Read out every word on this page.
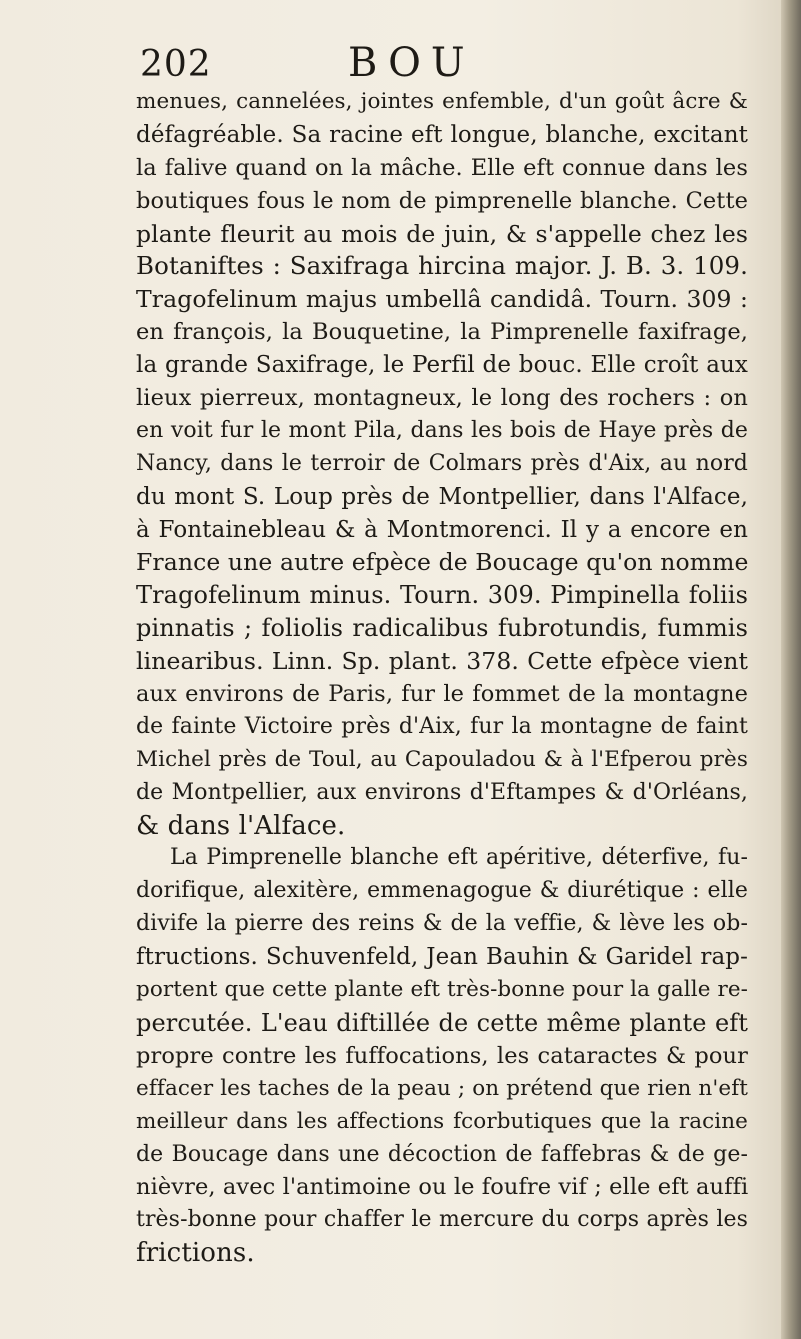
202	BOU
menues, cannelées, jointes enfemble, d'un goût âcre &
défagréable. Sa racine eft longue, blanche, excitant
la falive quand on la mâche. Elle eft connue dans les
boutiques fous le nom de pimprenelle blanche. Cette
plante fleurit au mois de juin, & s'appelle chez les
Botaniftes : Saxifraga hircina major. J. B. 3. 109.
Tragofelinum majus umbellâ candidâ. Tourn. 309 :
en françois, la Bouquetine, la Pimprenelle faxifrage,
la grande Saxifrage, le Perfil de bouc. Elle croît aux
lieux pierreux, montagneux, le long des rochers : on
en voit fur le mont Pila, dans les bois de Haye près de
Nancy, dans le terroir de Colmars près d'Aix, au nord
du mont S. Loup près de Montpellier, dans l'Alface,
à Fontainebleau & à Montmorenci. Il y a encore en
France une autre efpèce de Boucage qu'on nomme
Tragofelinum minus. Tourn. 309. Pimpinella foliis
pinnatis ; foliolis radicalibus fubrotundis, fummis
linearibus. Linn. Sp. plant. 378. Cette efpèce vient
aux environs de Paris, fur le fommet de la montagne
de fainte Victoire près d'Aix, fur la montagne de faint
Michel près de Toul, au Capouladou & à l'Efperou près
de Montpellier, aux environs d'Eftampes & d'Orléans,
& dans l'Alface.
La Pimprenelle blanche eft apéritive, déterfive, fu-
dorifique, alexitère, emmenagogue & diurétique : elle
divife la pierre des reins & de la veffie, & lève les ob-
ftructions. Schuvenfeld, Jean Bauhin & Garidel rap-
portent que cette plante eft très-bonne pour la galle re-
percutée. L'eau diftillée de cette même plante eft
propre contre les fuffocations, les cataractes & pour
effacer les taches de la peau ; on prétend que rien n'eft
meilleur dans les affections fcorbutiques que la racine
de Boucage dans une décoction de faffebras & de ge-
nièvre, avec l'antimoine ou le foufre vif ; elle eft auffi
très-bonne pour chaffer le mercure du corps après les
frictions.
